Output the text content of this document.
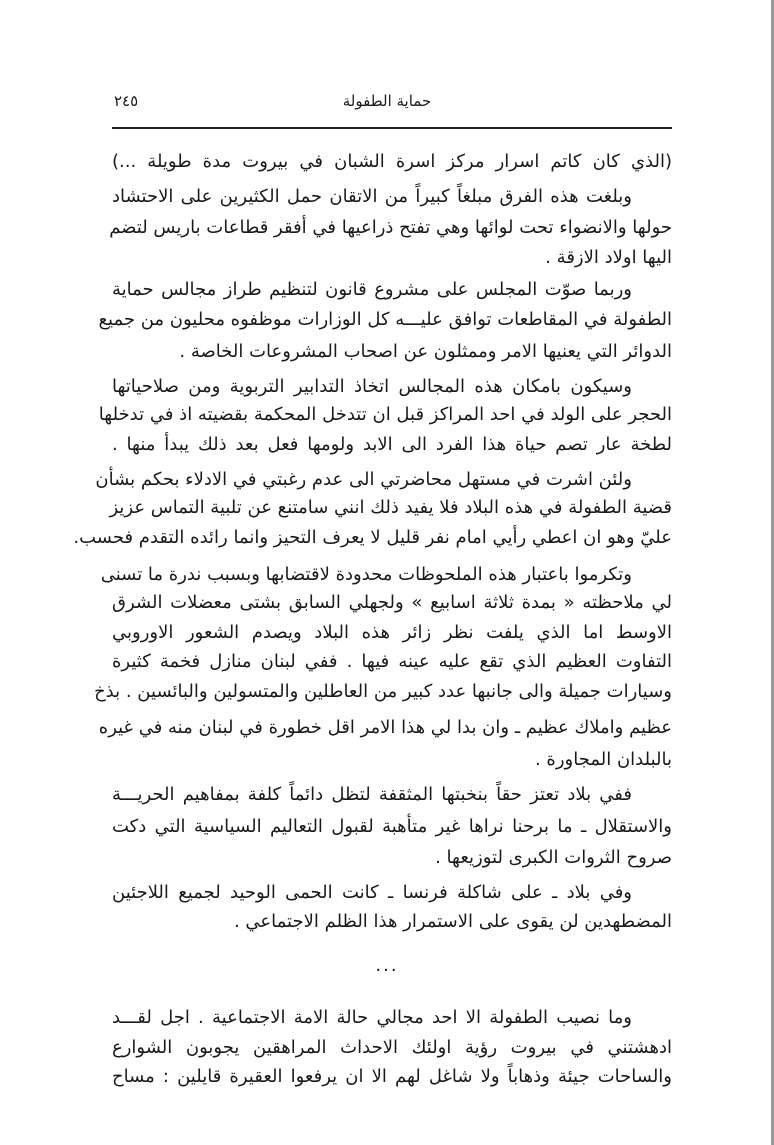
حماية الطفولة
٢٤٥
(الذي كان كاتم اسرار مركز اسرة الشبان في بيروت مدة طويلة ...)
وبلغت هذه الفرق مبلغاً كبيراً من الاتقان حمل الكثيرين على الاحتشاد
حولها والانضواء تحت لوائها وهي تفتح ذراعيها في أفقر قطاعات باريس لتضم
اليها اولاد الازقة .
وربما صوّت المجلس على مشروع قانون لتنظيم طراز مجالس حماية
الطفولة في المقاطعات توافق عليـــه كل الوزارات موظفوه محليون من جميع
الدوائر التي يعنيها الامر وممثلون عن اصحاب المشروعات الخاصة .
وسيكون بامكان هذه المجالس اتخاذ التدابير التربوية ومن صلاحياتها
الحجر على الولد في احد المراكز قبل ان تتدخل المحكمة بقضيته اذ في تدخلها
لطخة عار تصم حياة هذا الفرد الى الابد ولومها فعل بعد ذلك يبدأ منها .
ولئن اشرت في مستهل محاضرتي الى عدم رغبتي في الادلاء بحكم بشأن
قضية الطفولة في هذه البلاد فلا يفيد ذلك انني سامتنع عن تلبية التماس عزيز
عليّ وهو ان اعطي رأيي امام نفر قليل لا يعرف التحيز وانما رائده التقدم فحسب.
وتكرموا باعتبار هذه الملحوظات محدودة لاقتضابها وبسبب ندرة ما تسنى
لي ملاحظته « بمدة ثلاثة اسابيع » ولجهلي السابق بشتى معضلات الشرق
الاوسط اما الذي يلفت نظر زائر هذه البلاد ويصدم الشعور الاوروبي
التفاوت العظيم الذي تقع عليه عينه فيها . ففي لبنان منازل فخمة كثيرة
وسيارات جميلة والى جانبها عدد كبير من العاطلين والمتسولين والبائسين . بذخ
عظيم واملاك عظيم ـ وان بدا لي هذا الامر اقل خطورة في لبنان منه في غيره
بالبلدان المجاورة .
ففي بلاد تعتز حقاً بنخبتها المثقفة لتظل دائماً كلفة بمفاهيم الحريـــة
والاستقلال ـ ما برحنا نراها غير متأهبة لقبول التعاليم السياسية التي دكت
صروح الثروات الكبرى لتوزيعها .
وفي بلاد ـ على شاكلة فرنسا ـ كانت الحمى الوحيد لجميع اللاجئين
المضطهدين لن يقوى على الاستمرار هذا الظلم الاجتماعي .
وما نصيب الطفولة الا احد مجالي حالة الامة الاجتماعية . اجل لقـــد
ادهشتني في بيروت رؤية اولئك الاحداث المراهقين يجوبون الشوارع
والساحات جيئة وذهاباً ولا شاغل لهم الا ان يرفعوا العقيرة قايلين : مساح
...
